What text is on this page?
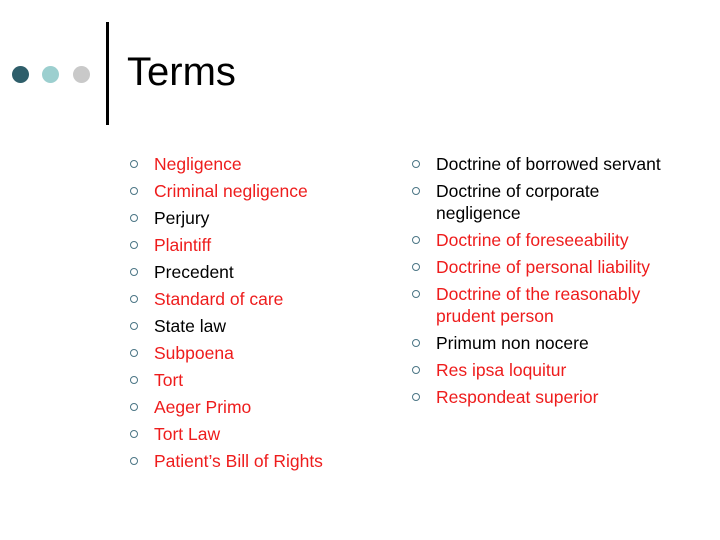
Terms
Negligence
Criminal negligence
Perjury
Plaintiff
Precedent
Standard of care
State law
Subpoena
Tort
Aeger Primo
Tort Law
Patient’s Bill of Rights
Doctrine of borrowed servant
Doctrine of corporate negligence
Doctrine of foreseeability
Doctrine of personal liability
Doctrine of the reasonably prudent person
Primum non nocere
Res ipsa loquitur
Respondeat superior
